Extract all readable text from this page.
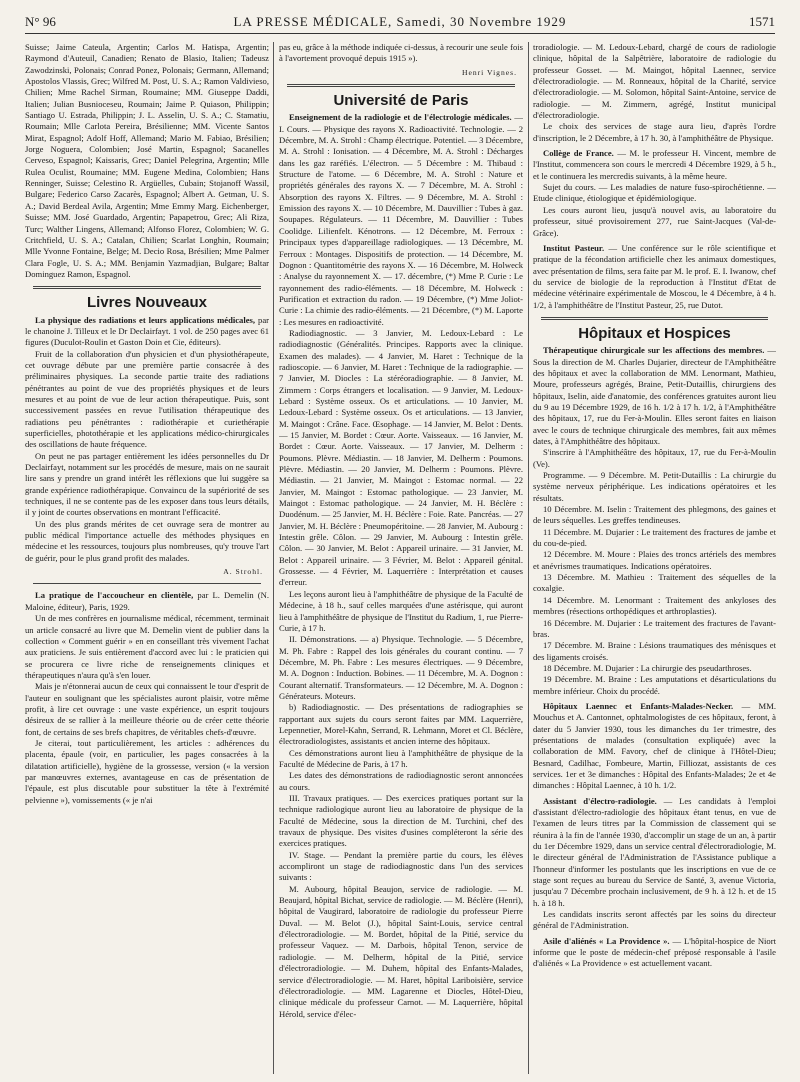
N° 96	LA PRESSE MÉDICALE, Samedi, 30 Novembre 1929	1571

Suisse; Jaime Cateula, Argentin; Carlos M. Hatispa, Argentin; Raymond d'Auteuil, Canadien; Renato de Blasio, Italien; Tadeusz Zawodzinski, Polonais; Conrad Ponez, Polonais; Germann, Allemand; Apostolos Vlassis, Grec; Wilfred M. Post, U. S. A.; Ramon Valdivieso, Chilien; Mme Rachel Sirman, Roumaine; MM. Giuseppe Daddi, Italien; Julian Busnioceseu, Roumain; Jaime P. Quiason, Philippin; Santiago U. Estrada, Philippin; J. L. Asselin, U. S. A.; C. Stamatiu, Roumain; Mlle Carlota Pereira, Brésilienne; MM. Vicente Santos Mirat, Espagnol; Adolf Hoff, Allemand; Mario M. Fabiao, Brésilien; Jorge Noguera, Colombien; José Martin, Espagnol; Sacanelles Cerveso, Espagnol; Kaissaris, Grec; Daniel Pelegrina, Argentin; Mlle Rulea Oculist, Roumaine; MM. Eugene Medina, Colombien; Hans Renninger, Suisse; Celestino R. Argüelles, Cubain; Stojanoff Wassil, Bulgare; Federico Carso Zacarès, Espagnol; Albert A. Getman, U. S. A.; David Berdeal Avila, Argentin; Mme Emmy Marg. Eichenberger, Suisse; MM. José Guardado, Argentin; Papapetrou, Grec; Ali Riza, Turc; Walther Lingens, Allemand; Alfonso Florez, Colombien; W. G. Critchfield, U. S. A.; Catalan, Chilien; Scarlat Longhin, Roumain; Mlle Yvonne Fontaine, Belge; M. Decio Rosa, Brésilien; Mme Palmer Clara Fogle, U. S. A.; MM. Benjamin Yazmadjian, Bulgare; Baltar Dominguez Ramon, Espagnol.

Livres Nouveaux

La physique des radiations et leurs applications médicales, par le chanoine J. Tilleux et le Dr Declairfayt. 1 vol. de 250 pages avec 61 figures (Duculot-Roulin et Gaston Doin et Cie, éditeurs).

Fruit de la collaboration d'un physicien et d'un physiothérapeute, cet ouvrage débute par une première partie consacrée à des préliminaires physiques. La seconde partie traite des radiations pénétrantes au point de vue des propriétés physiques et de leurs mesures et au point de vue de leur action thérapeutique. Puis, sont successivement passées en revue l'utilisation thérapeutique des radiations peu pénétrantes : radiothérapie et curiethérapie superficielles, photothérapie et les applications médico-chirurgicales des oscillations de haute fréquence.

On peut ne pas partager entièrement les idées personnelles du Dr Declairfayt, notamment sur les procédés de mesure, mais on ne saurait lire sans y prendre un grand intérêt les réflexions que lui suggère sa grande expérience radiothérapique. Convaincu de la supériorité de ses techniques, il ne se contente pas de les exposer dans tous leurs détails, il y joint de courtes observations en montrant l'efficacité.

Un des plus grands mérites de cet ouvrage sera de montrer au public médical l'importance actuelle des méthodes physiques en médecine et les ressources, toujours plus nombreuses, qu'y trouve l'art de guérir, pour le plus grand profit des malades.

A. Strohl.

La pratique de l'accoucheur en clientèle, par L. Demelin (N. Maloine, éditeur), Paris, 1929.

Un de mes confrères en journalisme médical, récemment, terminait un article consacré au livre que M. Demelin vient de publier dans la collection « Comment guérir » en en conseillant très vivement l'achat aux praticiens. Je suis entièrement d'accord avec lui : le praticien qui se procurera ce livre riche de renseignements cliniques et thérapeutiques n'aura qu'à s'en louer.

Mais je n'étonnerai aucun de ceux qui connaissent le tour d'esprit de l'auteur en soulignant que les spécialistes auront plaisir, votre même profit, à lire cet ouvrage : une vaste expérience, un esprit toujours désireux de se rallier à la meilleure théorie ou de créer cette théorie font, de certains de ses brefs chapitres, de véritables chefs-d'œuvre.

Je citerai, tout particulièrement, les articles : adhérences du placenta, épaule (voir, en particulier, les pages consacrées à la dilatation artificielle), hygiène de la grossesse, version (« la version par manœuvres externes, avantageuse en cas de présentation de l'épaule, est plus discutable pour substituer la tête à l'extrémité pelvienne »), vomissements (« je n'ai

pas eu, grâce à la méthode indiquée ci-dessus, à recourir une seule fois à l'avortement provoqué depuis 1915 »).

Henri Vignes.
Université de Paris

Enseignement de la radiologie et de l'électrologie médicales. — I. Cours. — Physique des rayons X. Radioactivité. Technologie. — 2 Décembre, M. A. Strohl : Champ électrique. Potentiel. — 3 Décembre, M. A. Strohl : Ionisation. — 4 Décembre, M. A. Strohl : Décharges dans les gaz raréfiés. L'électron. — 5 Décembre : M. Thibaud : Structure de l'atome. — 6 Décembre, M. A. Strohl : Nature et propriétés générales des rayons X. — 7 Décembre, M. A. Strohl : Absorption des rayons X. Filtres. — 9 Décembre, M. A. Strohl : Emission des rayons X. — 10 Décembre, M. Dauvillier : Tubes à gaz. Soupapes. Régulateurs. — 11 Décembre, M. Dauvillier : Tubes Coolidge. Lilienfelt. Kénotrons. — 12 Décembre, M. Ferroux : Principaux types d'appareillage radiologiques. — 13 Décembre, M. Ferroux : Montages. Dispositifs de protection. — 14 Décembre, M. Dognon : Quantitométrie des rayons X. — 16 Décembre, M. Holweck : Analyse du rayonnement X. — 17. décembre, (*) Mme P. Curie : Le rayonnement des radio-éléments. — 18 Décembre, M. Holweck : Purification et extraction du radon. — 19 Décembre, (*) Mme Joliot-Curie : La chimie des radio-éléments. — 21 Décembre, (*) M. Laporte : Les mesures en radioactivité.

Radiodiagnostic. — 3 Janvier, M. Ledoux-Lebard : Le radiodiagnostic (Généralités. Principes. Rapports avec la clinique. Examen des malades). — 4 Janvier, M. Haret : Technique de la radioscopie. — 6 Janvier, M. Haret : Technique de la radiographie. — 7 Janvier, M. Diocles : La stéréoradiographie. — 8 Janvier, M. Zimmern : Corps étrangers et localisation. — 9 Janvier, M. Ledoux-Lebard : Système osseux. Os et articulations. — 10 Janvier, M. Ledoux-Lebard : Système osseux. Os et articulations. — 13 Janvier, M. Maingot : Crâne. Face. Œsophage. — 14 Janvier, M. Belot : Dents. — 15 Janvier, M. Bordet : Cœur. Aorte. Vaisseaux. — 16 Janvier, M. Bordet : Cœur. Aorte. Vaisseaux. — 17 Janvier, M. Delherm : Poumons. Plèvre. Médiastin. — 18 Janvier, M. Delherm : Poumons. Plèvre. Médiastin. — 20 Janvier, M. Delherm : Poumons. Plèvre. Médiastin. — 21 Janvier, M. Maingot : Estomac normal. — 22 Janvier, M. Maingot : Estomac pathologique. — 23 Janvier, M. Maingot : Estomac pathologique. — 24 Janvier, M. H. Béclère : Duodénum. — 25 Janvier, M. H. Béclère : Foie. Rate. Pancréas. — 27 Janvier, M. H. Béclère : Pneumopéritoine. — 28 Janvier, M. Aubourg : Intestin grêle. Côlon. — 29 Janvier, M. Aubourg : Intestin grêle. Côlon. — 30 Janvier, M. Belot : Appareil urinaire. — 31 Janvier, M. Belot : Appareil urinaire. — 3 Février, M. Belot : Appareil génital. Grossesse. — 4 Février, M. Laquerrière : Interprétation et causes d'erreur.

Les leçons auront lieu à l'amphithéâtre de physique de la Faculté de Médecine, à 18 h., sauf celles marquées d'une astérisque, qui auront lieu à l'amphithéâtre de physique de l'Institut du Radium, 1, rue Pierre-Curie, à 17 h.

II. Démonstrations. — a) Physique. Technologie. — 5 Décembre, M. Ph. Fabre : Rappel des lois générales du courant continu. — 7 Décembre, M. Ph. Fabre : Les mesures électriques. — 9 Décembre, M. A. Dognon : Induction. Bobines. — 11 Décembre, M. A. Dognon : Courant alternatif. Transformateurs. — 12 Décembre, M. A. Dognon : Générateurs. Moteurs.

b) Radiodiagnostic. — Des présentations de radiographies se rapportant aux sujets du cours seront faites par MM. Laquerrière, Lepennetier, Morel-Kahn, Serrand, R. Lehmann, Moret et Cl. Béclère, électroradiologistes, assistants et ancien interne des hôpitaux.

Ces démonstrations auront lieu à l'amphithéâtre de physique de la Faculté de Médecine de Paris, à 17 h.

Les dates des démonstrations de radiodiagnostic seront annoncées au cours.

III. Travaux pratiques. — Des exercices pratiques portant sur la technique radiologique auront lieu au laboratoire de physique de la Faculté de Médecine, sous la direction de M. Turchini, chef des travaux de physique. Des visites d'usines compléteront la série des exercices pratiques.

IV. Stage. — Pendant la première partie du cours, les élèves accompliront un stage de radiodiagnostic dans l'un des services suivants :

M. Aubourg, hôpital Beaujon, service de radiologie. — M. Beaujard, hôpital Bichat, service de radiologie. — M. Béclère (Henri), hôpital de Vaugirard, laboratoire de radiologie du professeur Pierre Duval. — M. Belot (J.), hôpital Saint-Louis, service central d'électroradiologie. — M. Bordet, hôpital de la Pitié, service du professeur Vaquez. — M. Darbois, hôpital Tenon, service de radiologie. — M. Delherm, hôpital de la Pitié, service d'électroradiologie. — M. Duhem, hôpital des Enfants-Malades, service d'électroradiologie. — M. Haret, hôpital Lariboisière, service d'électroradiologie. — MM. Lagarenne et Diocles, Hôtel-Dieu, clinique médicale du professeur Carnot. — M. Laquerrière, hôpital Hérold, service d'élec-

troradiologie. — M. Ledoux-Lebard, chargé de cours de radiologie clinique, hôpital de la Salpêtrière, laboratoire de radiologie du professeur Gosset. — M. Maingot, hôpital Laennec, service d'électroradiologie. — M. Ronneaux, hôpital de la Charité, service d'électroradiologie. — M. Solomon, hôpital Saint-Antoine, service de radiologie. — M. Zimmern, agrégé, Institut municipal d'électroradiologie.

Le choix des services de stage aura lieu, d'après l'ordre d'inscription, le 2 Décembre, à 17 h. 30, à l'amphithéâtre de Physique.

Collège de France. — M. le professeur H. Vincent, membre de l'Institut, commencera son cours le mercredi 4 Décembre 1929, à 5 h., et le continuera les mercredis suivants, à la même heure.

Sujet du cours. — Les maladies de nature fuso-spirochétienne. — Etude clinique, étiologique et épidémiologique.

Les cours auront lieu, jusqu'à nouvel avis, au laboratoire du professeur, situé provisoirement 277, rue Saint-Jacques (Val-de-Grâce).

Institut Pasteur. — Une conférence sur le rôle scientifique et pratique de la fécondation artificielle chez les animaux domestiques, avec présentation de films, sera faite par M. le prof. E. I. Iwanow, chef du service de biologie de la reproduction à l'Institut d'Etat de médecine vétérinaire expérimentale de Moscou, le 4 Décembre, à 4 h. 1/2, à l'amphithéâtre de l'Institut Pasteur, 25, rue Dutot.

Hôpitaux et Hospices

Thérapeutique chirurgicale sur les affections des membres. — Sous la direction de M. Charles Dujarier, directeur de l'Amphithéâtre des hôpitaux et avec la collaboration de MM. Lenormant, Mathieu, Moure, professeurs agrégés, Braine, Petit-Dutaillis, chirurgiens des hôpitaux, Iselin, aide d'anatomie, des conférences gratuites auront lieu du 9 au 19 Décembre 1929, de 16 h. 1/2 à 17 h. 1/2, à l'Amphithéâtre des hôpitaux, 17, rue du Fer-à-Moulin. Elles seront faites en liaison avec le cours de technique chirurgicale des membres, fait aux mêmes dates, à l'Amphithéâtre des hôpitaux.

S'inscrire à l'Amphithéâtre des hôpitaux, 17, rue du Fer-à-Moulin (Ve).

Programme. — 9 Décembre. M. Petit-Dutaillis : La chirurgie du système nerveux périphérique. Les indications opératoires et les résultats.

10 Décembre. M. Iselin : Traitement des phlegmons, des gaines et de leurs séquelles. Les greffes tendineuses.

11 Décembre. M. Dujarier : Le traitement des fractures de jambe et du cou-de-pied.

12 Décembre. M. Moure : Plaies des troncs artériels des membres et anévrismes traumatiques. Indications opératoires.

13 Décembre. M. Mathieu : Traitement des séquelles de la coxalgie.

14 Décembre. M. Lenormant : Traitement des ankyloses des membres (résections orthopédiques et arthroplasties).

16 Décembre. M. Dujarier : Le traitement des fractures de l'avant-bras.

17 Décembre. M. Braine : Lésions traumatiques des ménisques et des ligaments croisés.

18 Décembre. M. Dujarier : La chirurgie des pseudarthroses.

19 Décembre. M. Braine : Les amputations et désarticulations du membre inférieur. Choix du procédé.

Hôpitaux Laennec et Enfants-Malades-Necker. — MM. Mouchus et A. Cantonnet, ophtalmologistes de ces hôpitaux, feront, à dater du 5 Janvier 1930, tous les dimanches du 1er trimestre, des présentations de malades (consultation expliquée) avec la collaboration de MM. Favory, chef de clinique à l'Hôtel-Dieu; Besnard, Cadilhac, Fombeure, Martin, Filliozat, assistants de ces services. 1er et 3e dimanches : Hôpital des Enfants-Malades; 2e et 4e dimanches : Hôpital Laennec, à 10 h. 1/2.

Assistant d'électro-radiologie. — Les candidats à l'emploi d'assistant d'électro-radiologie des hôpitaux étant tenus, en vue de l'examen de leurs titres par la Commission de classement qui se réunira à la fin de l'année 1930, d'accomplir un stage de un an, à partir du 1er Décembre 1929, dans un service central d'électroradiologie, M. le directeur général de l'Administration de l'Assistance publique a l'honneur d'informer les postulants que les inscriptions en vue de ce stage sont reçues au bureau du Service de Santé, 3, avenue Victoria, jusqu'au 7 Décembre prochain inclusivement, de 9 h. à 12 h. et de 15 h. à 18 h.

Les candidats inscrits seront affectés par les soins du directeur général de l'Administration.

Asile d'aliénés « La Providence ». — L'hôpital-hospice de Niort informe que le poste de médecin-chef préposé responsable à l'asile d'aliénés « La Providence » est actuellement vacant.
